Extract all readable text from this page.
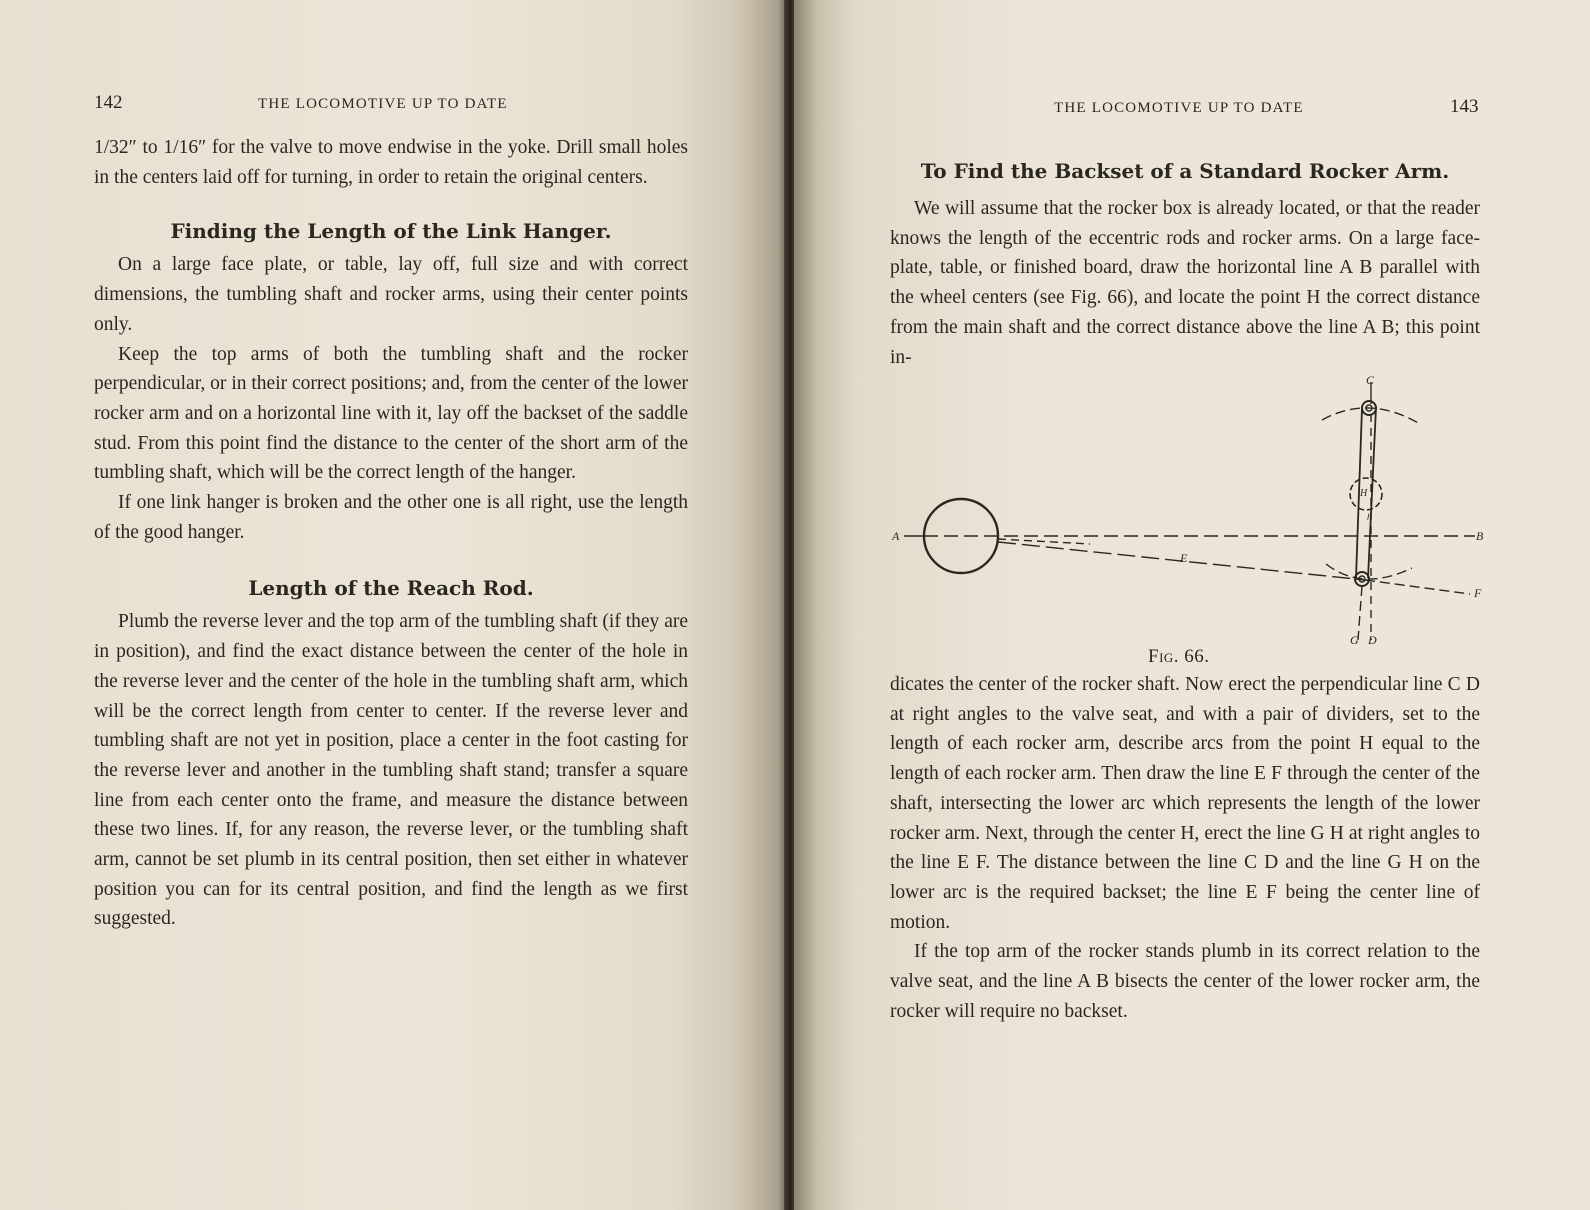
142	THE LOCOMOTIVE UP TO DATE

1/32″ to 1/16″ for the valve to move endwise in the yoke. Drill small holes in the centers laid off for turning, in order to retain the original centers.

Finding the Length of the Link Hanger.

On a large face plate, or table, lay off, full size and with correct dimensions, the tumbling shaft and rocker arms, using their center points only.

Keep the top arms of both the tumbling shaft and the rocker perpendicular, or in their correct positions; and, from the center of the lower rocker arm and on a horizontal line with it, lay off the backset of the saddle stud. From this point find the distance to the center of the short arm of the tumbling shaft, which will be the correct length of the hanger.

If one link hanger is broken and the other one is all right, use the length of the good hanger.

Length of the Reach Rod.

Plumb the reverse lever and the top arm of the tumbling shaft (if they are in position), and find the exact distance between the center of the hole in the reverse lever and the center of the hole in the tumbling shaft arm, which will be the correct length from center to center. If the reverse lever and tumbling shaft are not yet in position, place a center in the foot casting for the reverse lever and another in the tumbling shaft stand; transfer a square line from each center onto the frame, and measure the distance between these two lines. If, for any reason, the reverse lever, or the tumbling shaft arm, cannot be set plumb in its central position, then set either in whatever position you can for its central position, and find the length as we first suggested.

THE LOCOMOTIVE UP TO DATE	143
To Find the Backset of a Standard Rocker Arm.

We will assume that the rocker box is already located, or that the reader knows the length of the eccentric rods and rocker arms. On a large face-plate, table, or finished board, draw the horizontal line A B parallel with the wheel centers (see Fig. 66), and locate the point H the correct distance from the main shaft and the correct distance above the line A B; this point in-

A	B
C
D
E
F
G
H
h
Fig. 66.

dicates the center of the rocker shaft. Now erect the perpendicular line C D at right angles to the valve seat, and with a pair of dividers, set to the length of each rocker arm, describe arcs from the point H equal to the length of each rocker arm. Then draw the line E F through the center of the shaft, intersecting the lower arc which represents the length of the lower rocker arm. Next, through the center H, erect the line G H at right angles to the line E F. The distance between the line C D and the line G H on the lower arc is the required backset; the line E F being the center line of motion.

If the top arm of the rocker stands plumb in its correct relation to the valve seat, and the line A B bisects the center of the lower rocker arm, the rocker will require no backset.
